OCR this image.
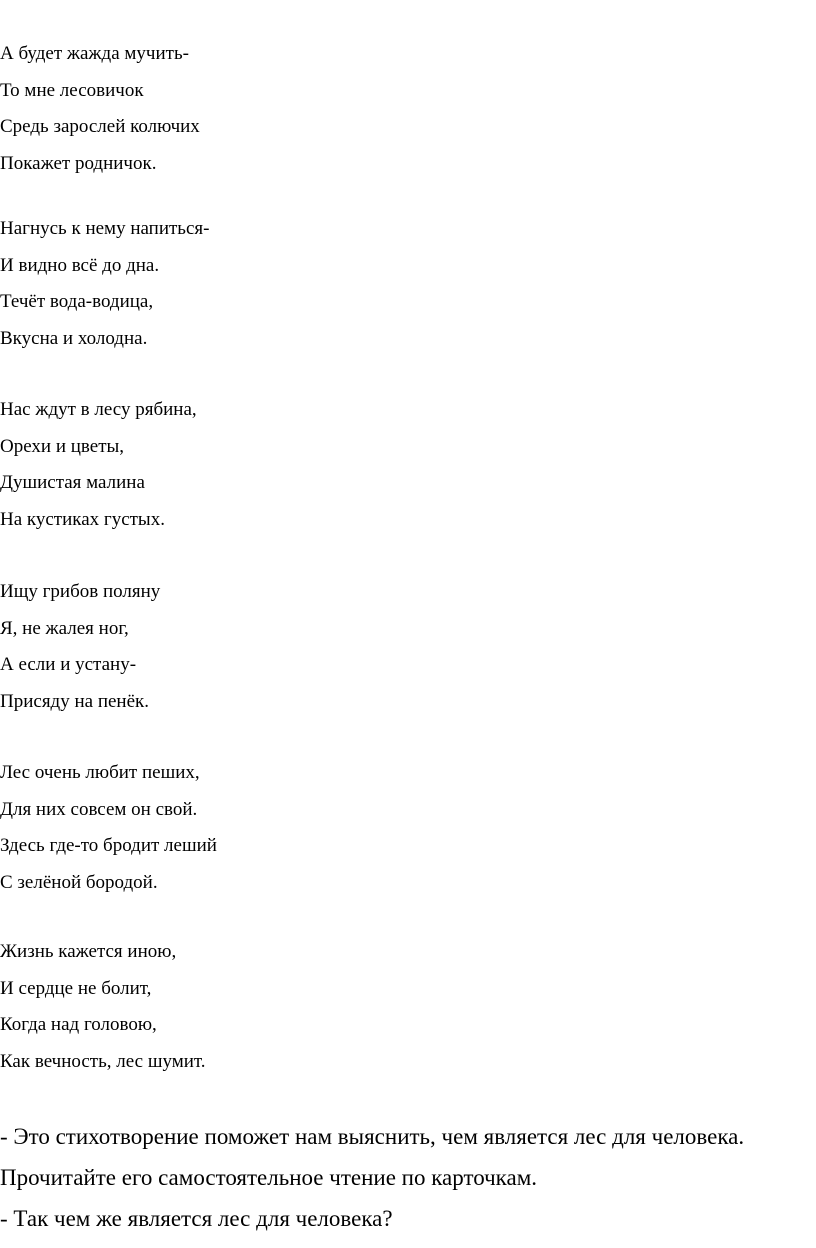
А будет жажда мучить-
То мне лесовичок
Средь зарослей колючих
Покажет родничок.
Нагнусь к нему напиться-
И видно всё до дна.
Течёт вода-водица,
Вкусна и холодна.
Нас ждут в лесу рябина,
Орехи и цветы,
Душистая малина
На кустиках густых.
Ищу грибов поляну
Я, не жалея ног,
А если и устану-
Присяду на пенёк.
Лес очень любит пеших,
Для них совсем он свой.
Здесь где-то бродит леший
С зелёной бородой.
Жизнь кажется иною,
И сердце не болит,
Когда над головою,
Как вечность, лес шумит.
- Это стихотворение поможет нам выяснить, чем является лес для человека.
Прочитайте его самостоятельное чтение по карточкам.
- Так чем же является лес для человека?
